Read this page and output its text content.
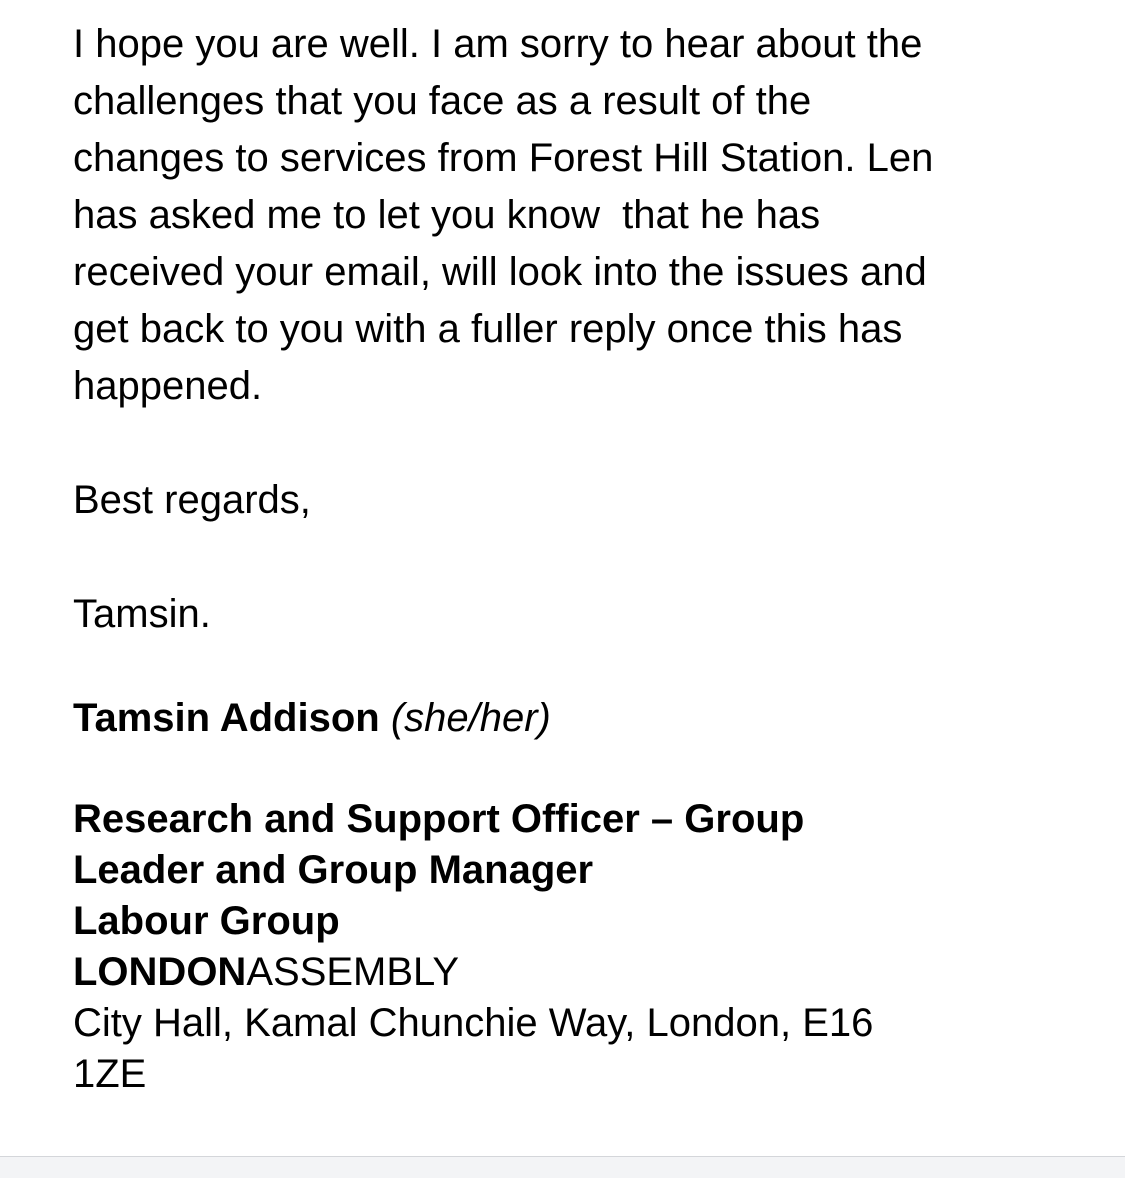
I hope you are well. I am sorry to hear about the
challenges that you face as a result of the
changes to services from Forest Hill Station. Len
has asked me to let you know  that he has
received your email, will look into the issues and
get back to you with a fuller reply once this has
happened.

Best regards,

Tamsin.

Tamsin Addison (she/her)
Research and Support Officer – Group
Leader and Group Manager
Labour Group
LONDONASSEMBLY
City Hall, Kamal Chunchie Way, London, E16
1ZE
